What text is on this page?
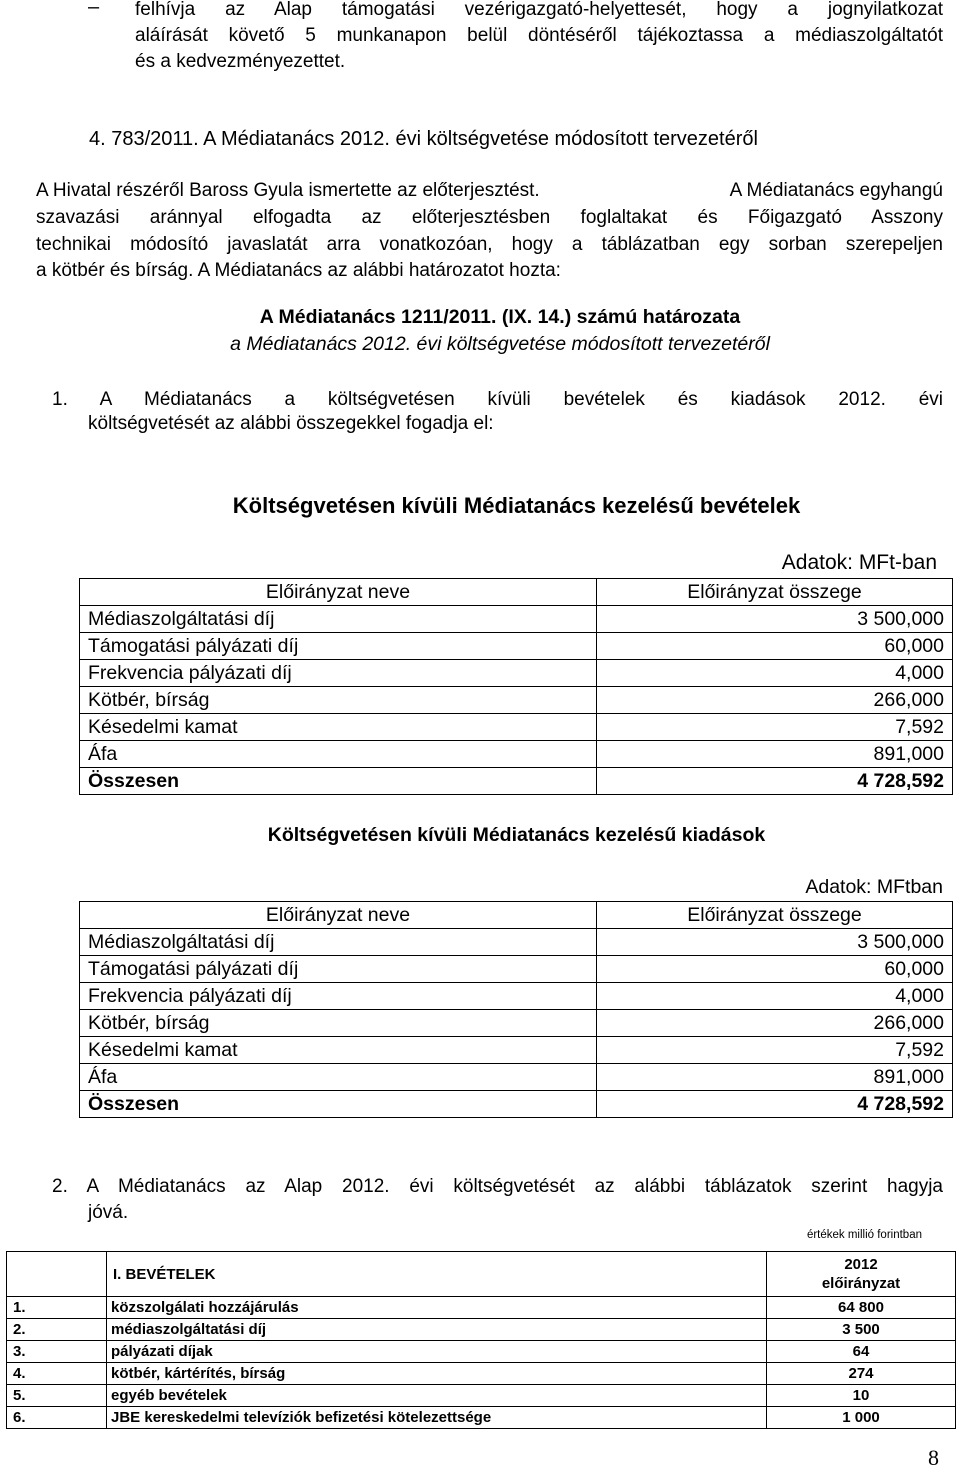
– felhívja az Alap támogatási vezérigazgató-helyettesét, hogy a jognyilatkozat
aláírását követő 5 munkanapon belül döntéséről tájékoztassa a médiaszolgáltatót
és a kedvezményezettet.
4. 783/2011. A Médiatanács 2012. évi költségvetése módosított tervezetéről
A Hivatal részéről Baross Gyula ismertette az előterjesztést.	A Médiatanács egyhangú
szavazási aránnyal elfogadta az előterjesztésben foglaltakat és Főigazgató Asszony
technikai módosító javaslatát arra vonatkozóan, hogy a táblázatban egy sorban szerepeljen
a kötbér és bírság. A Médiatanács az alábbi határozatot hozta:
A Médiatanács 1211/2011. (IX. 14.) számú határozata
a Médiatanács 2012. évi költségvetése módosított tervezetéről
1. A Médiatanács a költségvetésen kívüli bevételek és kiadások 2012. évi
költségvetését az alábbi összegekkel fogadja el:
Költségvetésen kívüli Médiatanács kezelésű bevételek
Adatok: MFt-ban
Előirányzat neve	Előirányzat összege
Médiaszolgáltatási díj	3 500,000
Támogatási pályázati díj	60,000
Frekvencia pályázati díj	4,000
Kötbér, bírság	266,000
Késedelmi kamat	7,592
Áfa	891,000
Összesen	4 728,592
Költségvetésen kívüli Médiatanács kezelésű kiadások
Adatok: MFtban
Előirányzat neve	Előirányzat összege
Médiaszolgáltatási díj	3 500,000
Támogatási pályázati díj	60,000
Frekvencia pályázati díj	4,000
Kötbér, bírság	266,000
Késedelmi kamat	7,592
Áfa	891,000
Összesen	4 728,592
2. A Médiatanács az Alap 2012. évi költségvetését az alábbi táblázatok szerint hagyja
jóvá.
értékek millió forintban
	I. BEVÉTELEK	2012
előirányzat

1.	közszolgálati hozzájárulás	64 800
2.	médiaszolgáltatási díj	3 500
3.	pályázati díjak	64
4.	kötbér, kártérítés, bírság	274
5.	egyéb bevételek	10
6.	JBE kereskedelmi televíziók befizetési kötelezettsége	1 000
8
